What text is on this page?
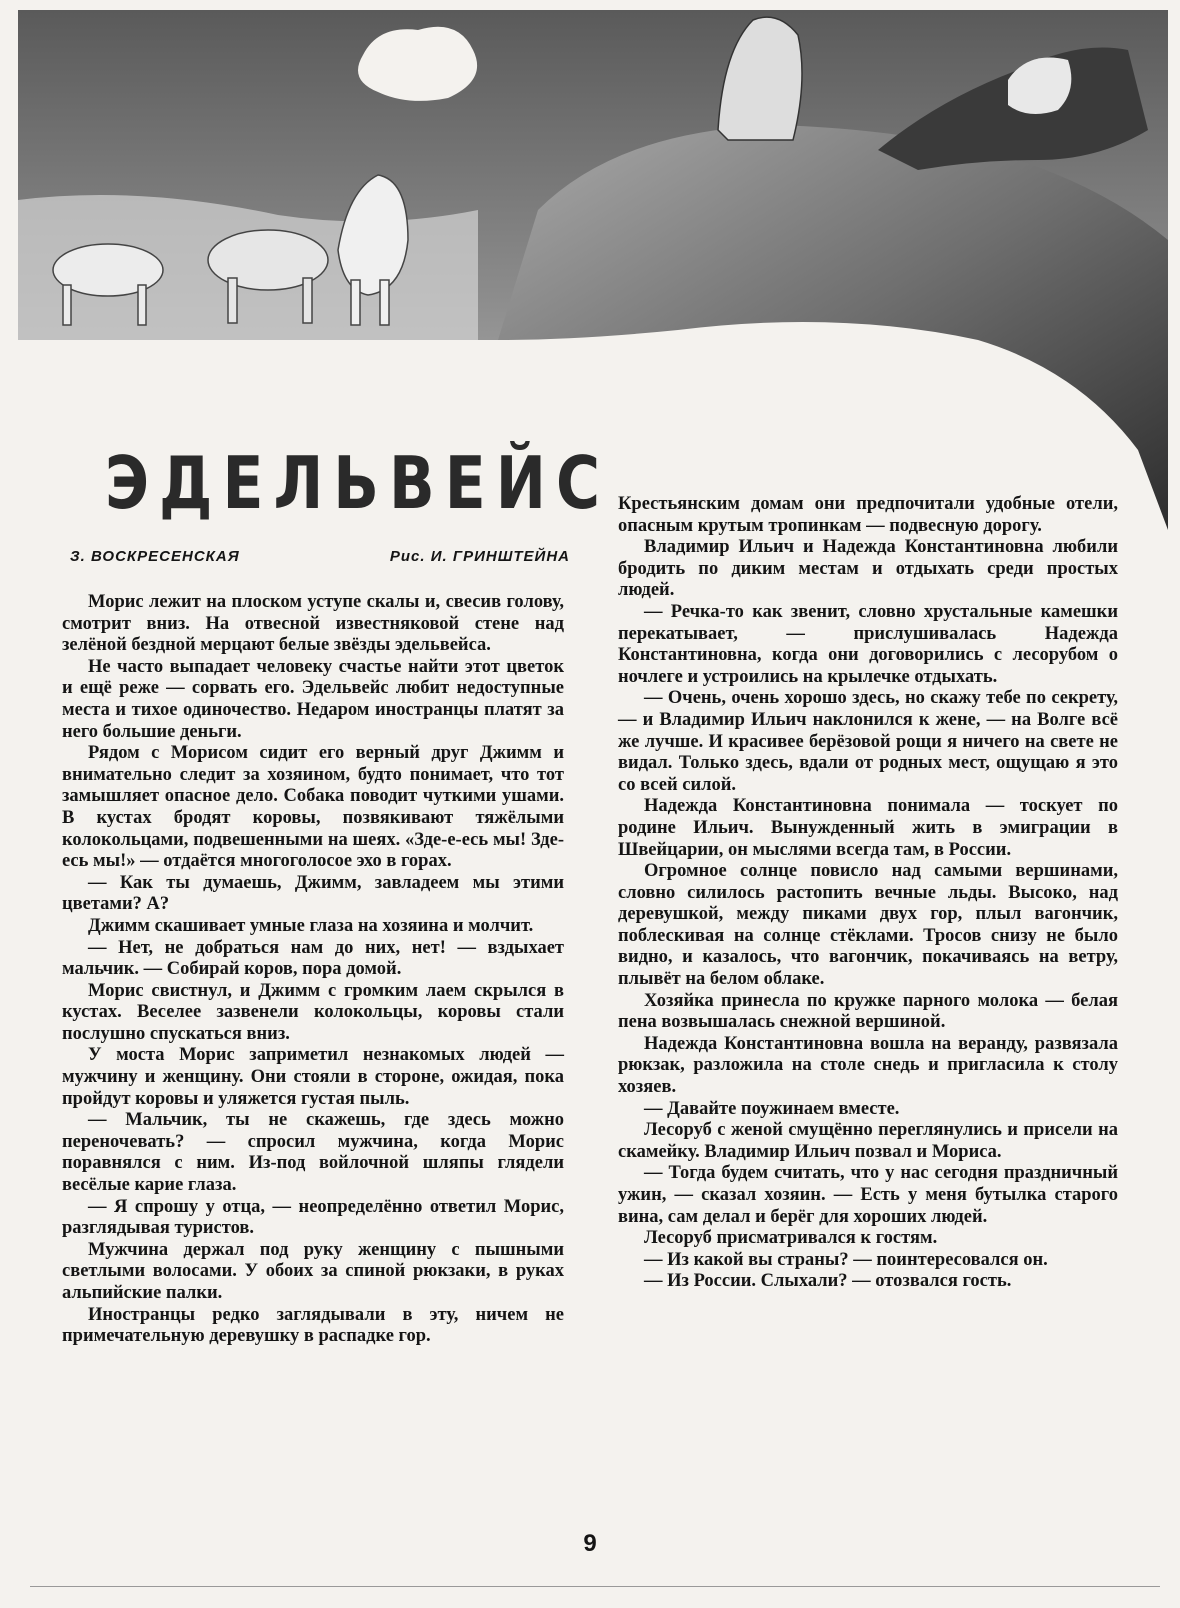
ЭДЕЛЬВЕЙС
З. ВОСКРЕСЕНСКАЯ	Рис. И. ГРИНШТЕЙНА

Морис лежит на плоском уступе скалы и, свесив голову, смотрит вниз. На отвесной известняковой стене над зелёной бездной мерцают белые звёзды эдельвейса.

Не часто выпадает человеку счастье найти этот цветок и ещё реже — сорвать его. Эдельвейс любит недоступные места и тихое одиночество. Недаром иностранцы платят за него большие деньги.

Рядом с Морисом сидит его верный друг Джимм и внимательно следит за хозяином, будто понимает, что тот замышляет опасное дело. Собака поводит чуткими ушами. В кустах бродят коровы, позвякивают тяжёлыми колокольцами, подвешенными на шеях. «Зде-е-есь мы! Зде-есь мы!» — отдаётся многоголосое эхо в горах.

— Как ты думаешь, Джимм, завладеем мы этими цветами? А?

Джимм скашивает умные глаза на хозяина и молчит.

— Нет, не добраться нам до них, нет! — вздыхает мальчик. — Собирай коров, пора домой.

Морис свистнул, и Джимм с громким лаем скрылся в кустах. Веселее зазвенели колокольцы, коровы стали послушно спускаться вниз.

У моста Морис заприметил незнакомых людей — мужчину и женщину. Они стояли в стороне, ожидая, пока пройдут коровы и уляжется густая пыль.

— Мальчик, ты не скажешь, где здесь можно переночевать? — спросил мужчина, когда Морис поравнялся с ним. Из-под войлочной шляпы глядели весёлые карие глаза.

— Я спрошу у отца, — неопределённо ответил Морис, разглядывая туристов.

Мужчина держал под руку женщину с пышными светлыми волосами. У обоих за спиной рюкзаки, в руках альпийские палки.

Иностранцы редко заглядывали в эту, ничем не примечательную деревушку в распадке гор.

Крестьянским домам они предпочитали удобные отели, опасным крутым тропинкам — подвесную дорогу.

Владимир Ильич и Надежда Константиновна любили бродить по диким местам и отдыхать среди простых людей.

— Речка-то как звенит, словно хрустальные камешки перекатывает, — прислушивалась Надежда Константиновна, когда они договорились с лесорубом о ночлеге и устроились на крылечке отдыхать.

— Очень, очень хорошо здесь, но скажу тебе по секрету, — и Владимир Ильич наклонился к жене, — на Волге всё же лучше. И красивее берёзовой рощи я ничего на свете не видал. Только здесь, вдали от родных мест, ощущаю я это со всей силой.

Надежда Константиновна понимала — тоскует по родине Ильич. Вынужденный жить в эмиграции в Швейцарии, он мыслями всегда там, в России.

Огромное солнце повисло над самыми вершинами, словно силилось растопить вечные льды. Высоко, над деревушкой, между пиками двух гор, плыл вагончик, поблескивая на солнце стёклами. Тросов снизу не было видно, и казалось, что вагончик, покачиваясь на ветру, плывёт на белом облаке.

Хозяйка принесла по кружке парного молока — белая пена возвышалась снежной вершиной.

Надежда Константиновна вошла на веранду, развязала рюкзак, разложила на столе снедь и пригласила к столу хозяев.

— Давайте поужинаем вместе.

Лесоруб с женой смущённо переглянулись и присели на скамейку. Владимир Ильич позвал и Мориса.

— Тогда будем считать, что у нас сегодня праздничный ужин, — сказал хозяин. — Есть у меня бутылка старого вина, сам делал и берёг для хороших людей.

Лесоруб присматривался к гостям.

— Из какой вы страны? — поинтересовался он.

— Из России. Слыхали? — отозвался гость.

9
